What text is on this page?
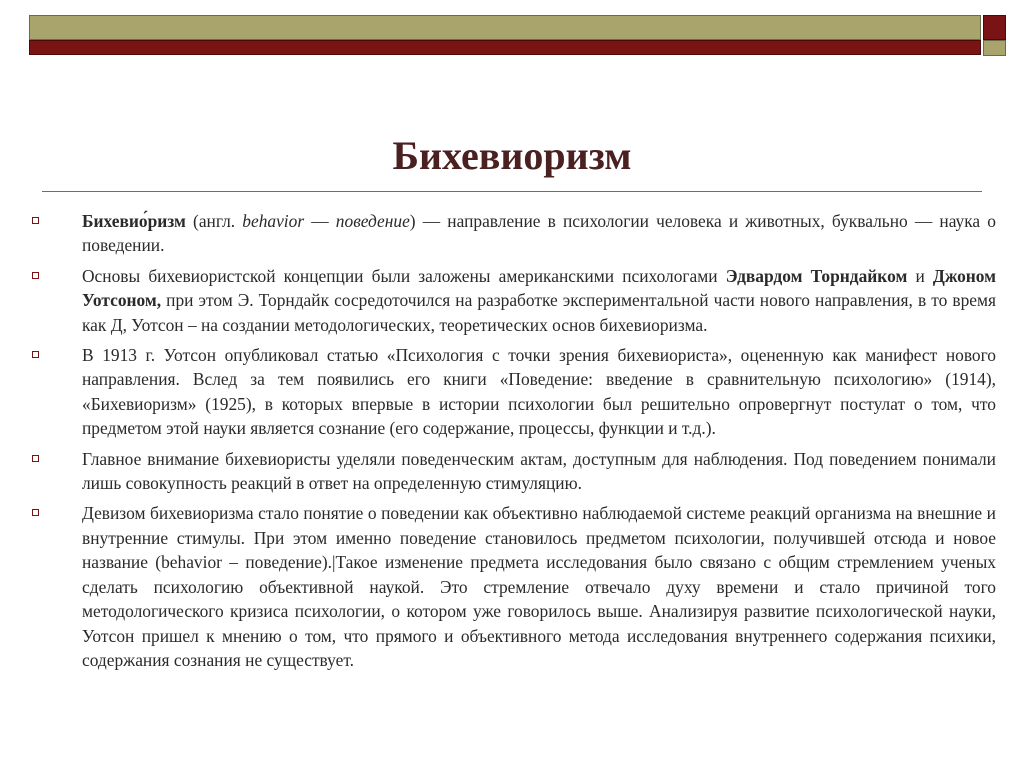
Бихевиоризм
Бихевио́ризм (англ. behavior — поведение) — направление в психологии человека и животных, буквально — наука о поведении.
Основы бихевиористской концепции были заложены американскими психологами Эдвардом Торндайком и Джоном Уотсоном, при этом Э. Торндайк сосредоточился на разработке экспериментальной части нового направления, в то время как Д, Уотсон – на создании методологических, теоретических основ бихевиоризма.
В 1913 г. Уотсон опубликовал статью «Психология с точки зрения бихевиориста», оцененную как манифест нового направления. Вслед за тем появились его книги «Поведение: введение в сравнительную психологию» (1914), «Бихевиоризм» (1925), в которых впервые в истории психологии был решительно опровергнут постулат о том, что предметом этой науки является сознание (его содержание, процессы, функции и т.д.).
Главное внимание бихевиористы уделяли поведенческим актам, доступным для наблюдения. Под поведением понимали лишь совокупность реакций в ответ на определенную стимуляцию.
Девизом бихевиоризма стало понятие о поведении как объективно наблюдаемой системе реакций организма на внешние и внутренние стимулы. При этом именно поведение становилось предметом психологии, получившей отсюда и новое название (behavior – поведение).|Такое изменение предмета исследования было связано с общим стремлением ученых сделать психологию объективной наукой. Это стремление отвечало духу времени и стало причиной того методологического кризиса психологии, о котором уже говорилось выше. Анализируя развитие психологической науки, Уотсон пришел к мнению о том, что прямого и объективного метода исследования внутреннего содержания психики, содержания сознания не существует.
